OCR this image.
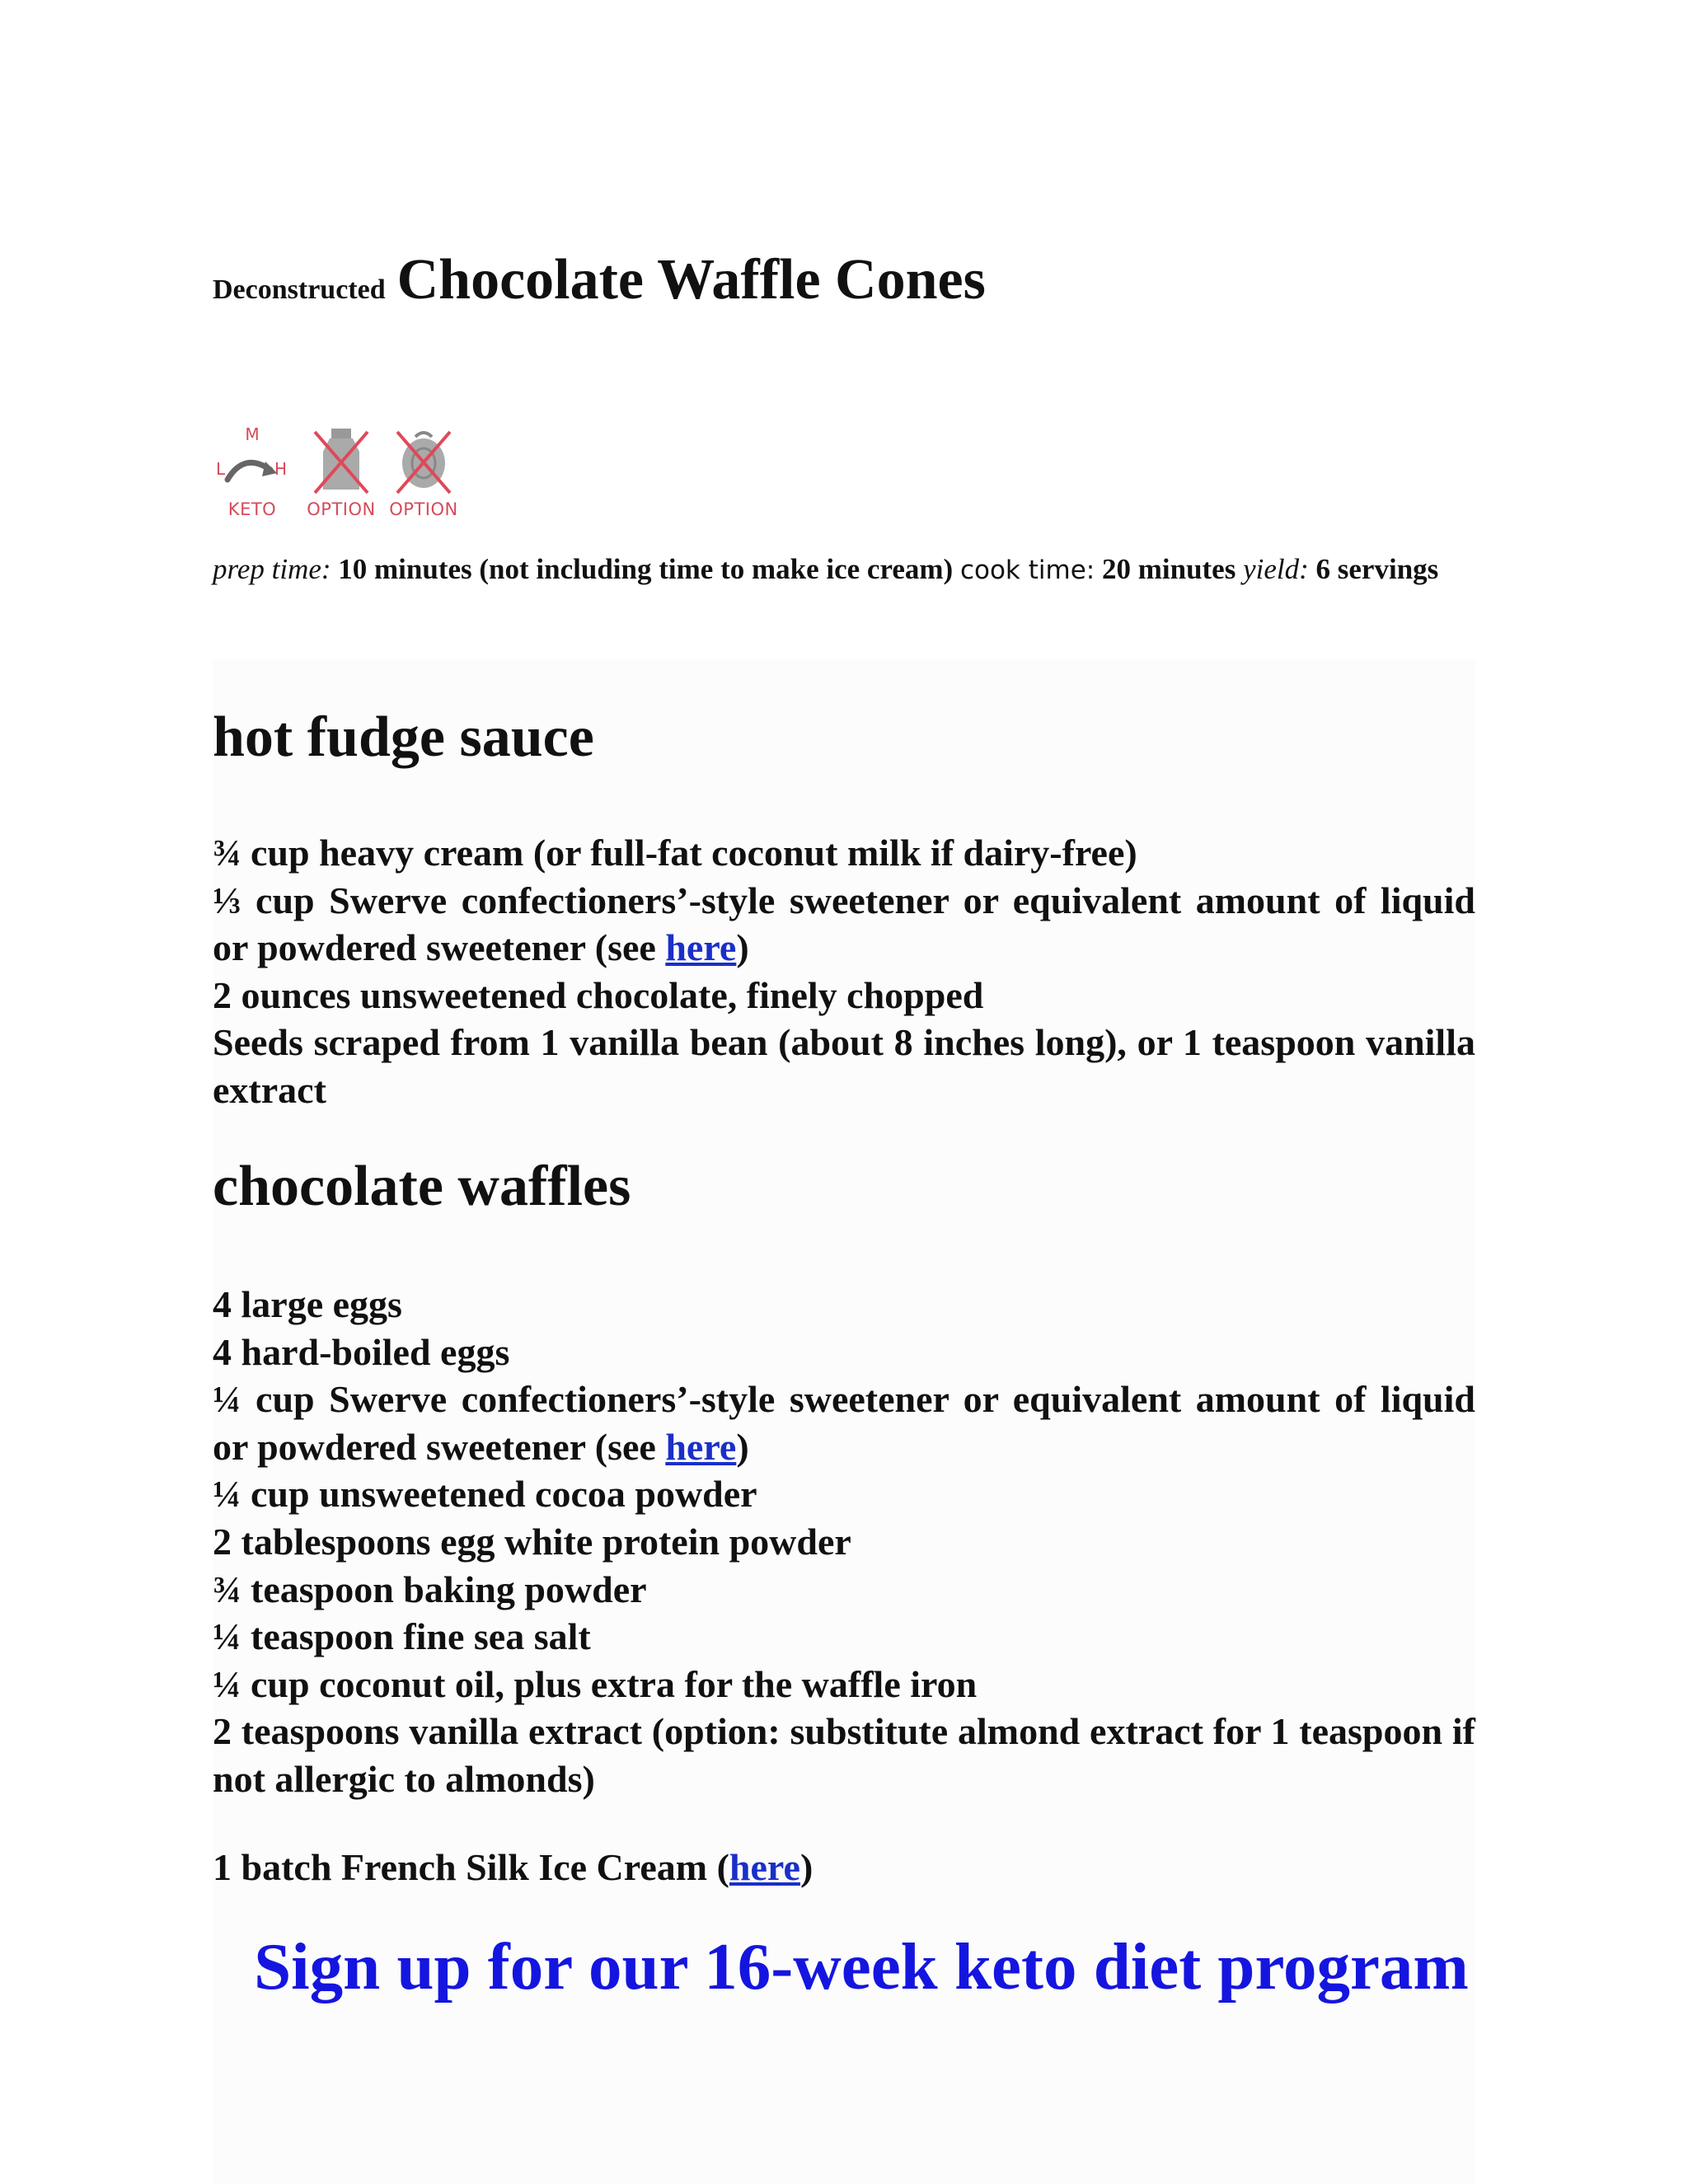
Deconstructed Chocolate Waffle Cones
M
L	H
KETO	OPTION OPTION
prep time: 10 minutes (not including time to make ice cream) cook time: 20 minutes yield: 6 servings
hot fudge sauce
¾ cup heavy cream (or full-fat coconut milk if dairy-free)
⅓ cup Swerve confectioners’-style sweetener or equivalent amount of liquid or powdered sweetener (see here)
2 ounces unsweetened chocolate, finely chopped
Seeds scraped from 1 vanilla bean (about 8 inches long), or 1 teaspoon vanilla extract
chocolate waffles
4 large eggs
4 hard-boiled eggs
¼ cup Swerve confectioners’-style sweetener or equivalent amount of liquid or powdered sweetener (see here)
¼ cup unsweetened cocoa powder
2 tablespoons egg white protein powder
¾ teaspoon baking powder
¼ teaspoon fine sea salt
¼ cup coconut oil, plus extra for the waffle iron
2 teaspoons vanilla extract (option: substitute almond extract for 1 teaspoon if not allergic to almonds)
1 batch French Silk Ice Cream (here)
Sign up for our 16-week keto diet program
